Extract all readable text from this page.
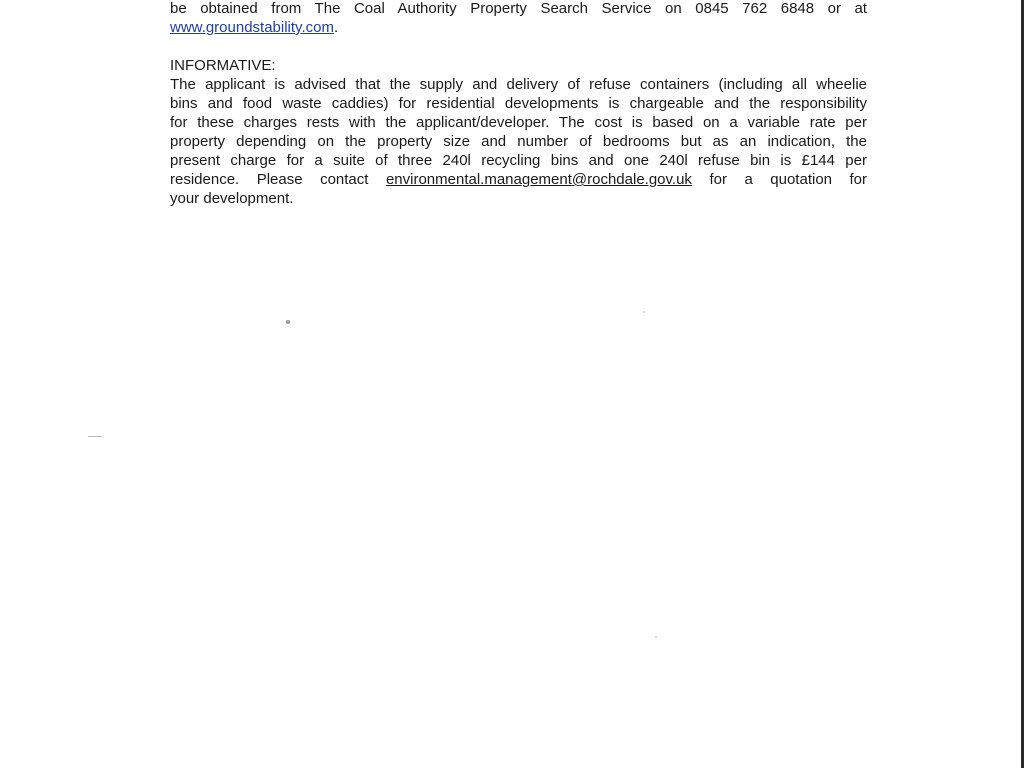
be obtained from The Coal Authority Property Search Service on 0845 762 6848 or at
www.groundstability.com.
INFORMATIVE:
The applicant is advised that the supply and delivery of refuse containers (including all wheelie
bins and food waste caddies) for residential developments is chargeable and the responsibility
for these charges rests with the applicant/developer. The cost is based on a variable rate per
property depending on the property size and number of bedrooms but as an indication, the
present charge for a suite of three 240l recycling bins and one 240l refuse bin is £144 per
residence. Please contact environmental.management@rochdale.gov.uk for a quotation for
your development.
